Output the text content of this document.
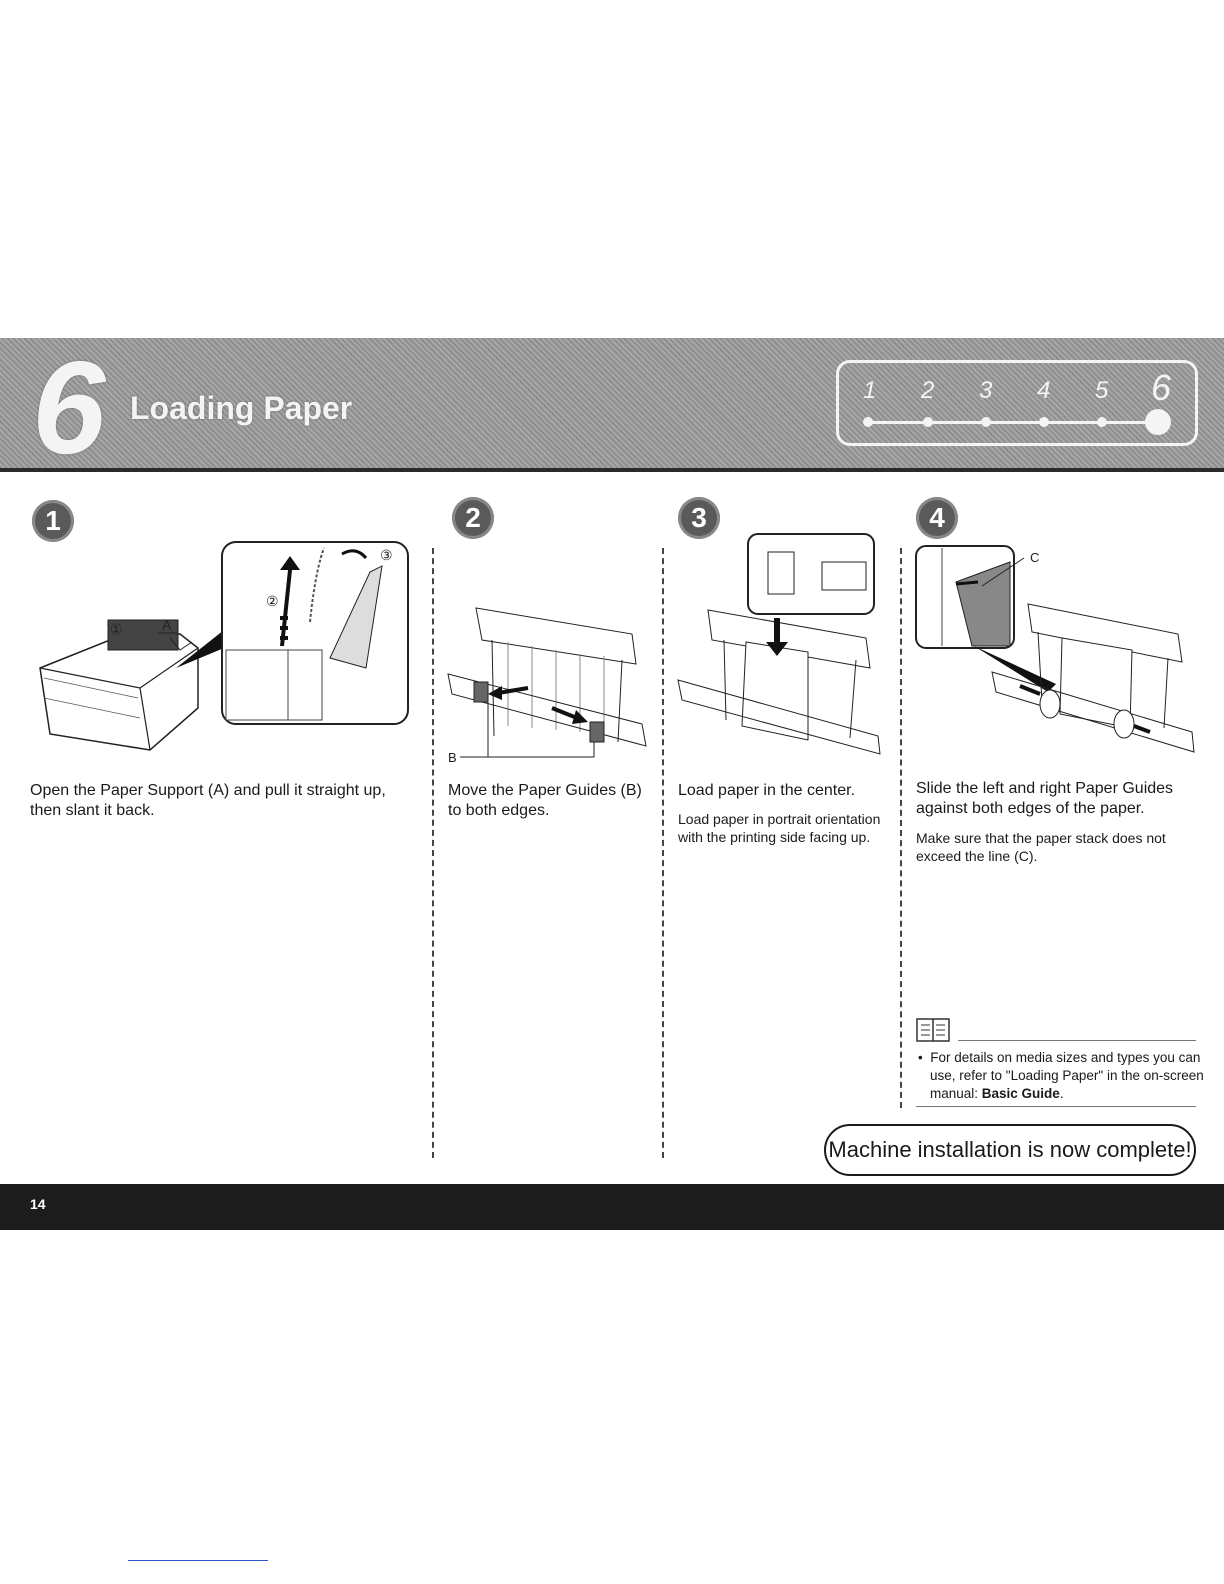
6 Loading Paper	1 2 3 4 5 6
1	2	3	4
①	A
②
③
B
C
Open the Paper Support (A) and pull it straight up, then slant it back.
Move the Paper Guides (B) to both edges.
Load paper in the center.
Load paper in portrait orientation with the printing side facing up.
Slide the left and right Paper Guides against both edges of the paper.
Make sure that the paper stack does not exceed the line (C).
• For details on media sizes and types you can use, refer to "Loading Paper" in the on-screen manual: Basic Guide.
Machine installation is now complete!
14
